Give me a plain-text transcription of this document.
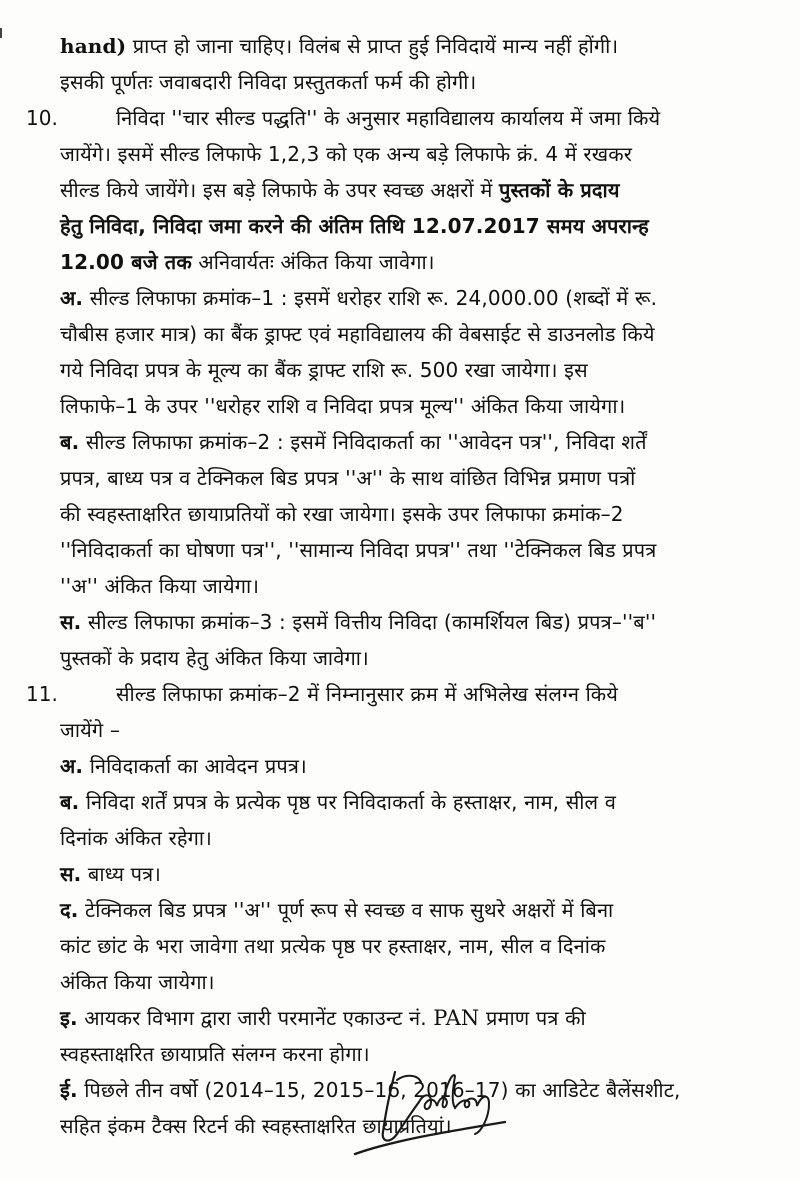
hand) प्राप्त हो जाना चाहिए। विलंब से प्राप्त हुई निविदायें मान्य नहीं होंगी।
इसकी पूर्णतः जवाबदारी निविदा प्रस्तुतकर्ता फर्म की होगी।
10.	निविदा ''चार सील्ड पद्धति'' के अनुसार महाविद्यालय कार्यालय में जमा किये
जायेंगे। इसमें सील्ड लिफाफे 1,2,3 को एक अन्य बड़े लिफाफे क्रं. 4 में रखकर
सील्ड किये जायेंगे। इस बड़े लिफाफे के उपर स्वच्छ अक्षरों में पुस्तकों के प्रदाय
हेतु निविदा, निविदा जमा करने की अंतिम तिथि 12.07.2017 समय अपरान्ह
12.00 बजे तक अनिवार्यतः अंकित किया जावेगा।
अ. सील्ड लिफाफा क्रमांक–1 : इसमें धरोहर राशि रू. 24,000.00 (शब्दों में रू.
चौबीस हजार मात्र) का बैंक ड्राफ्ट एवं महाविद्यालय की वेबसाईट से डाउनलोड किये
गये निविदा प्रपत्र के मूल्य का बैंक ड्राफ्ट राशि रू. 500 रखा जायेगा। इस
लिफाफे–1 के उपर ''धरोहर राशि व निविदा प्रपत्र मूल्य'' अंकित किया जायेगा।
ब. सील्ड लिफाफा क्रमांक–2 : इसमें निविदाकर्ता का ''आवेदन पत्र'', निविदा शर्तें
प्रपत्र, बाध्य पत्र व टेक्निकल बिड प्रपत्र ''अ'' के साथ वांछित विभिन्न प्रमाण पत्रों
की स्वहस्ताक्षरित छायाप्रतियों को रखा जायेगा। इसके उपर लिफाफा क्रमांक–2
''निविदाकर्ता का घोषणा पत्र'', ''सामान्य निविदा प्रपत्र'' तथा ''टेक्निकल बिड प्रपत्र
''अ'' अंकित किया जायेगा।
स. सील्ड लिफाफा क्रमांक–3 : इसमें वित्तीय निविदा (कामर्शियल बिड) प्रपत्र–''ब''
पुस्तकों के प्रदाय हेतु अंकित किया जावेगा।
11.	सील्ड लिफाफा क्रमांक–2 में निम्नानुसार क्रम में अभिलेख संलग्न किये
जायेंगे –
अ. निविदाकर्ता का आवेदन प्रपत्र।
ब. निविदा शर्तें प्रपत्र के प्रत्येक पृष्ठ पर निविदाकर्ता के हस्ताक्षर, नाम, सील व
दिनांक अंकित रहेगा।
स. बाध्य पत्र।
द. टेक्निकल बिड प्रपत्र ''अ'' पूर्ण रूप से स्वच्छ व साफ सुथरे अक्षरों में बिना
कांट छांट के भरा जावेगा तथा प्रत्येक पृष्ठ पर हस्ताक्षर, नाम, सील व दिनांक
अंकित किया जायेगा।
इ. आयकर विभाग द्वारा जारी परमानेंट एकाउन्ट नं. PAN प्रमाण पत्र की
स्वहस्ताक्षरित छायाप्रति संलग्न करना होगा।
ई. पिछले तीन वर्षो (2014–15, 2015–16, 2016–17) का आडिटेट बैलेंसशीट,
सहित इंकम टैक्स रिटर्न की स्वहस्ताक्षरित छायाप्रतियां।
